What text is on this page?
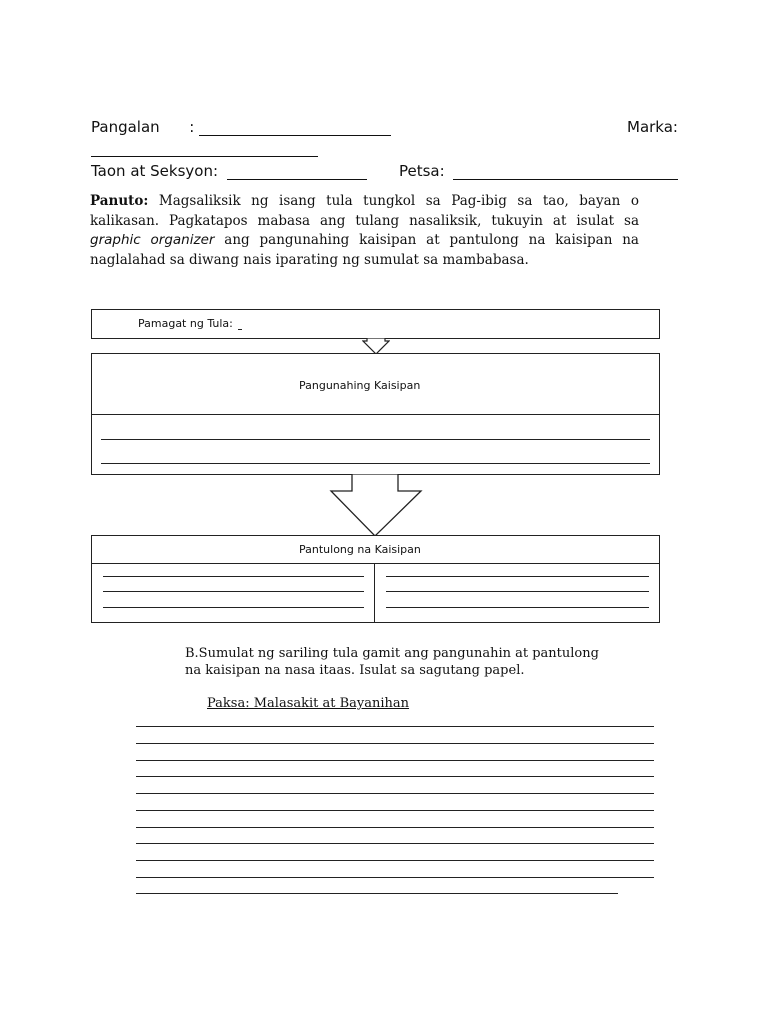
Pangalan :	Marka:
Taon at Seksyon:	Petsa:
Panuto: Magsaliksik ng isang tula tungkol sa Pag-ibig sa tao, bayan o kalikasan. Pagkatapos mabasa ang tulang nasaliksik, tukuyin at isulat sa graphic organizer ang pangunahing kaisipan at pantulong na kaisipan na naglalahad sa diwang nais iparating ng sumulat sa mambabasa.
Pamagat ng Tula:
Pangunahing Kaisipan
Pantulong na Kaisipan
B.Sumulat ng sariling tula gamit ang pangunahin at pantulong
na kaisipan na nasa itaas. Isulat sa sagutang papel.
Paksa: Malasakit at Bayanihan
